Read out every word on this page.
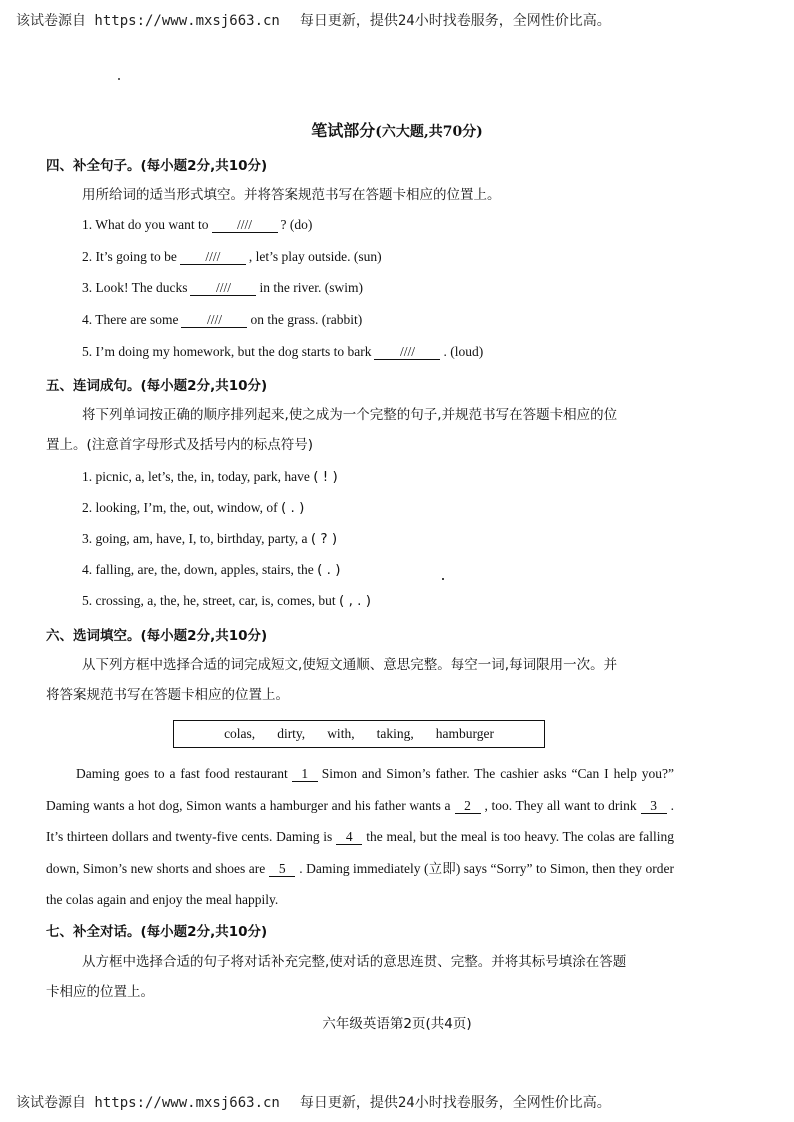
该试卷源自 https://www.mxsj663.cn 每日更新，提供24小时找卷服务，全网性价比高。
笔试部分(六大题,共70分)
四、补全句子。(每小题2分,共10分)
用所给词的适当形式填空。并将答案规范书写在答题卡相应的位置上。
1. What do you want to //// ? (do)
2. It’s going to be //// , let’s play outside. (sun)
3. Look! The ducks //// in the river. (swim)
4. There are some //// on the grass. (rabbit)
5. I’m doing my homework, but the dog starts to bark //// . (loud)
五、连词成句。(每小题2分,共10分)
将下列单词按正确的顺序排列起来,使之成为一个完整的句子,并规范书写在答题卡相应的位
置上。(注意首字母形式及括号内的标点符号)
1. picnic, a, let’s, the, in, today, park, have ( ! )
2. looking, I’m, the, out, window, of ( . )
3. going, am, have, I, to, birthday, party, a ( ? )
4. falling, are, the, down, apples, stairs, the ( . )
5. crossing, a, the, he, street, car, is, comes, but ( , . )
六、选词填空。(每小题2分,共10分)
从下列方框中选择合适的词完成短文,使短文通顺、意思完整。每空一词,每词限用一次。并
将答案规范书写在答题卡相应的位置上。
colas, dirty, with, taking, hamburger
Daming goes to a fast food restaurant 1 Simon and Simon’s father. The cashier asks “Can I help you?” Daming wants a hot dog, Simon wants a hamburger and his father wants a 2 , too. They all want to drink 3 . It’s thirteen dollars and twenty-five cents. Daming is 4 the meal, but the meal is too heavy. The colas are falling down, Simon’s new shorts and shoes are 5 . Daming immediately (立即) says “Sorry” to Simon, then they order the colas again and enjoy the meal happily.
七、补全对话。(每小题2分,共10分)
从方框中选择合适的句子将对话补充完整,使对话的意思连贯、完整。并将其标号填涂在答题
卡相应的位置上。
六年级英语第2页(共4页)
该试卷源自 https://www.mxsj663.cn 每日更新，提供24小时找卷服务，全网性价比高。
